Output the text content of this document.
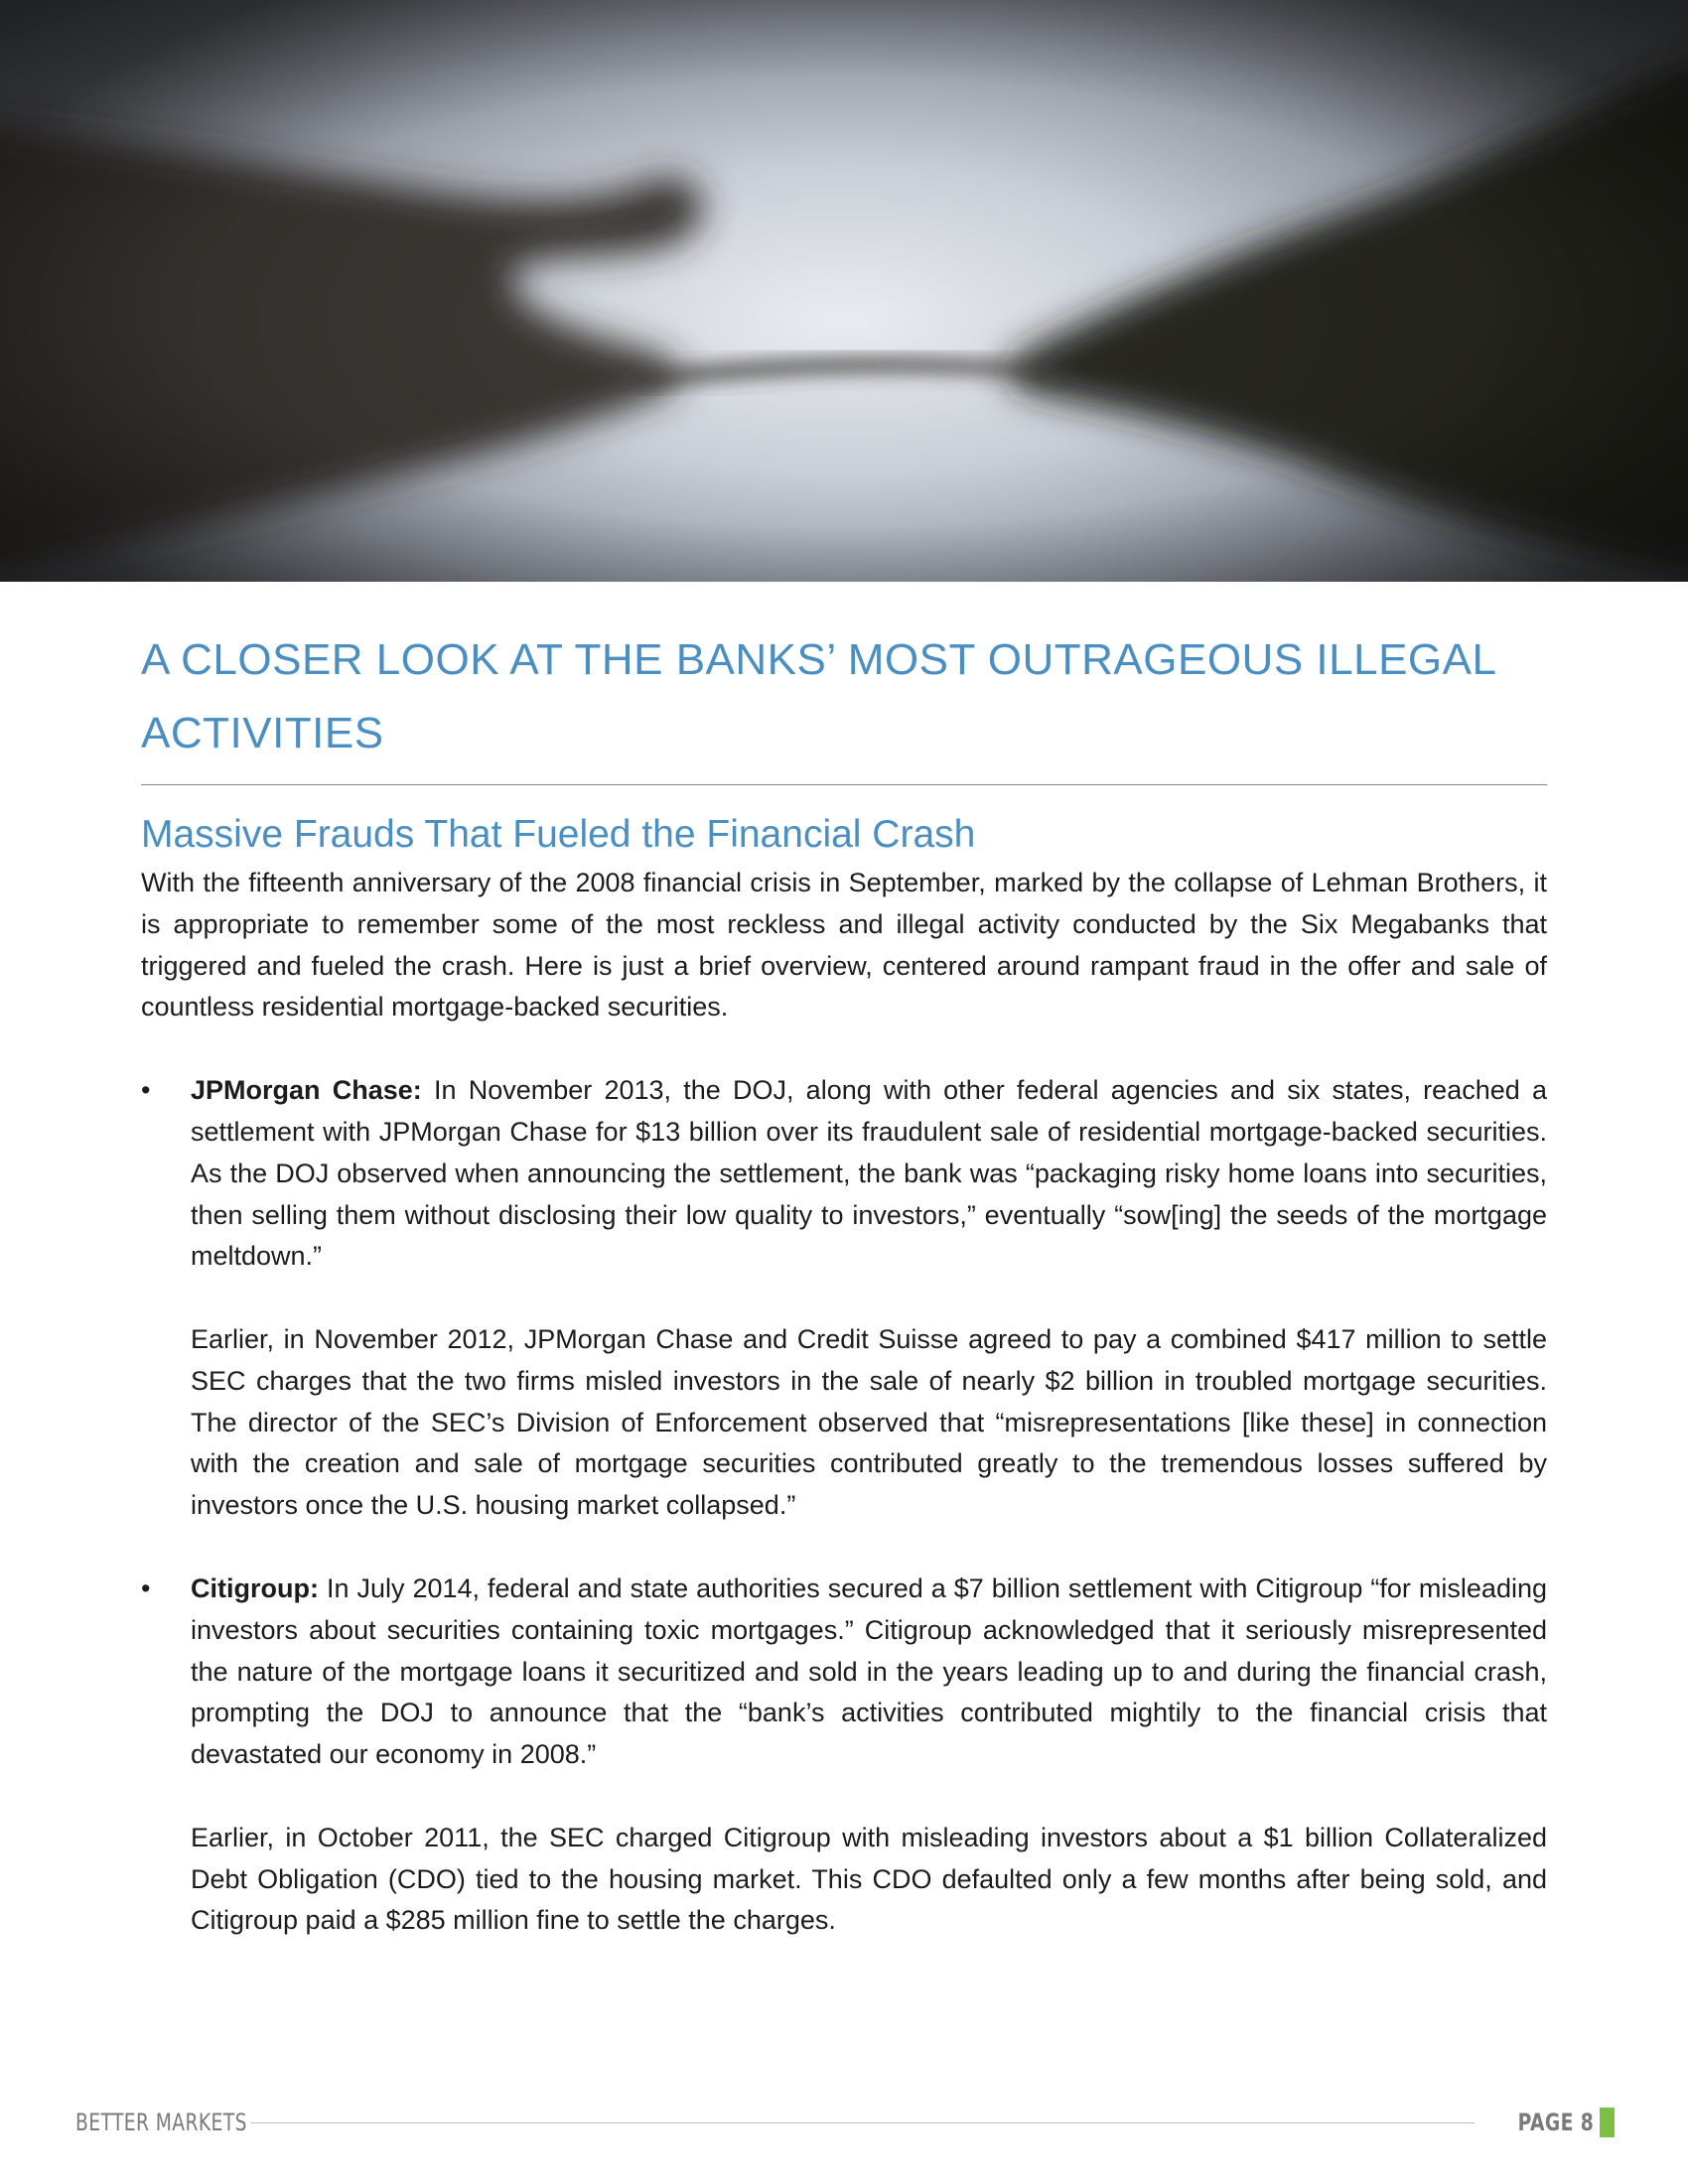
A CLOSER LOOK AT THE BANKS’ MOST OUTRAGEOUS ILLEGAL ACTIVITIES
Massive Frauds That Fueled the Financial Crash

With the fifteenth anniversary of the 2008 financial crisis in September, marked by the collapse of Lehman Brothers, it is appropriate to remember some of the most reckless and illegal activity conducted by the Six Megabanks that triggered and fueled the crash. Here is just a brief overview, centered around rampant fraud in the offer and sale of countless residential mortgage-backed securities.

• JPMorgan Chase: In November 2013, the DOJ, along with other federal agencies and six states, reached a settlement with JPMorgan Chase for $13 billion over its fraudulent sale of residential mortgage-backed securities. As the DOJ observed when announcing the settlement, the bank was “packaging risky home loans into securities, then selling them without disclosing their low quality to investors,” eventually “sow[ing] the seeds of the mortgage meltdown.”

Earlier, in November 2012, JPMorgan Chase and Credit Suisse agreed to pay a combined $417 million to settle SEC charges that the two firms misled investors in the sale of nearly $2 billion in troubled mortgage securities. The director of the SEC’s Division of Enforcement observed that “misrepresentations [like these] in connection with the creation and sale of mortgage securities contributed greatly to the tremendous losses suffered by investors once the U.S. housing market collapsed.”

• Citigroup: In July 2014, federal and state authorities secured a $7 billion settlement with Citigroup “for misleading investors about securities containing toxic mortgages.” Citigroup acknowledged that it seriously misrepresented the nature of the mortgage loans it securitized and sold in the years leading up to and during the financial crash, prompting the DOJ to announce that the “bank’s activities contributed mightily to the financial crisis that devastated our economy in 2008.”

Earlier, in October 2011, the SEC charged Citigroup with misleading investors about a $1 billion Collateralized Debt Obligation (CDO) tied to the housing market. This CDO defaulted only a few months after being sold, and Citigroup paid a $285 million fine to settle the charges.

BETTER MARKETS	PAGE 8
